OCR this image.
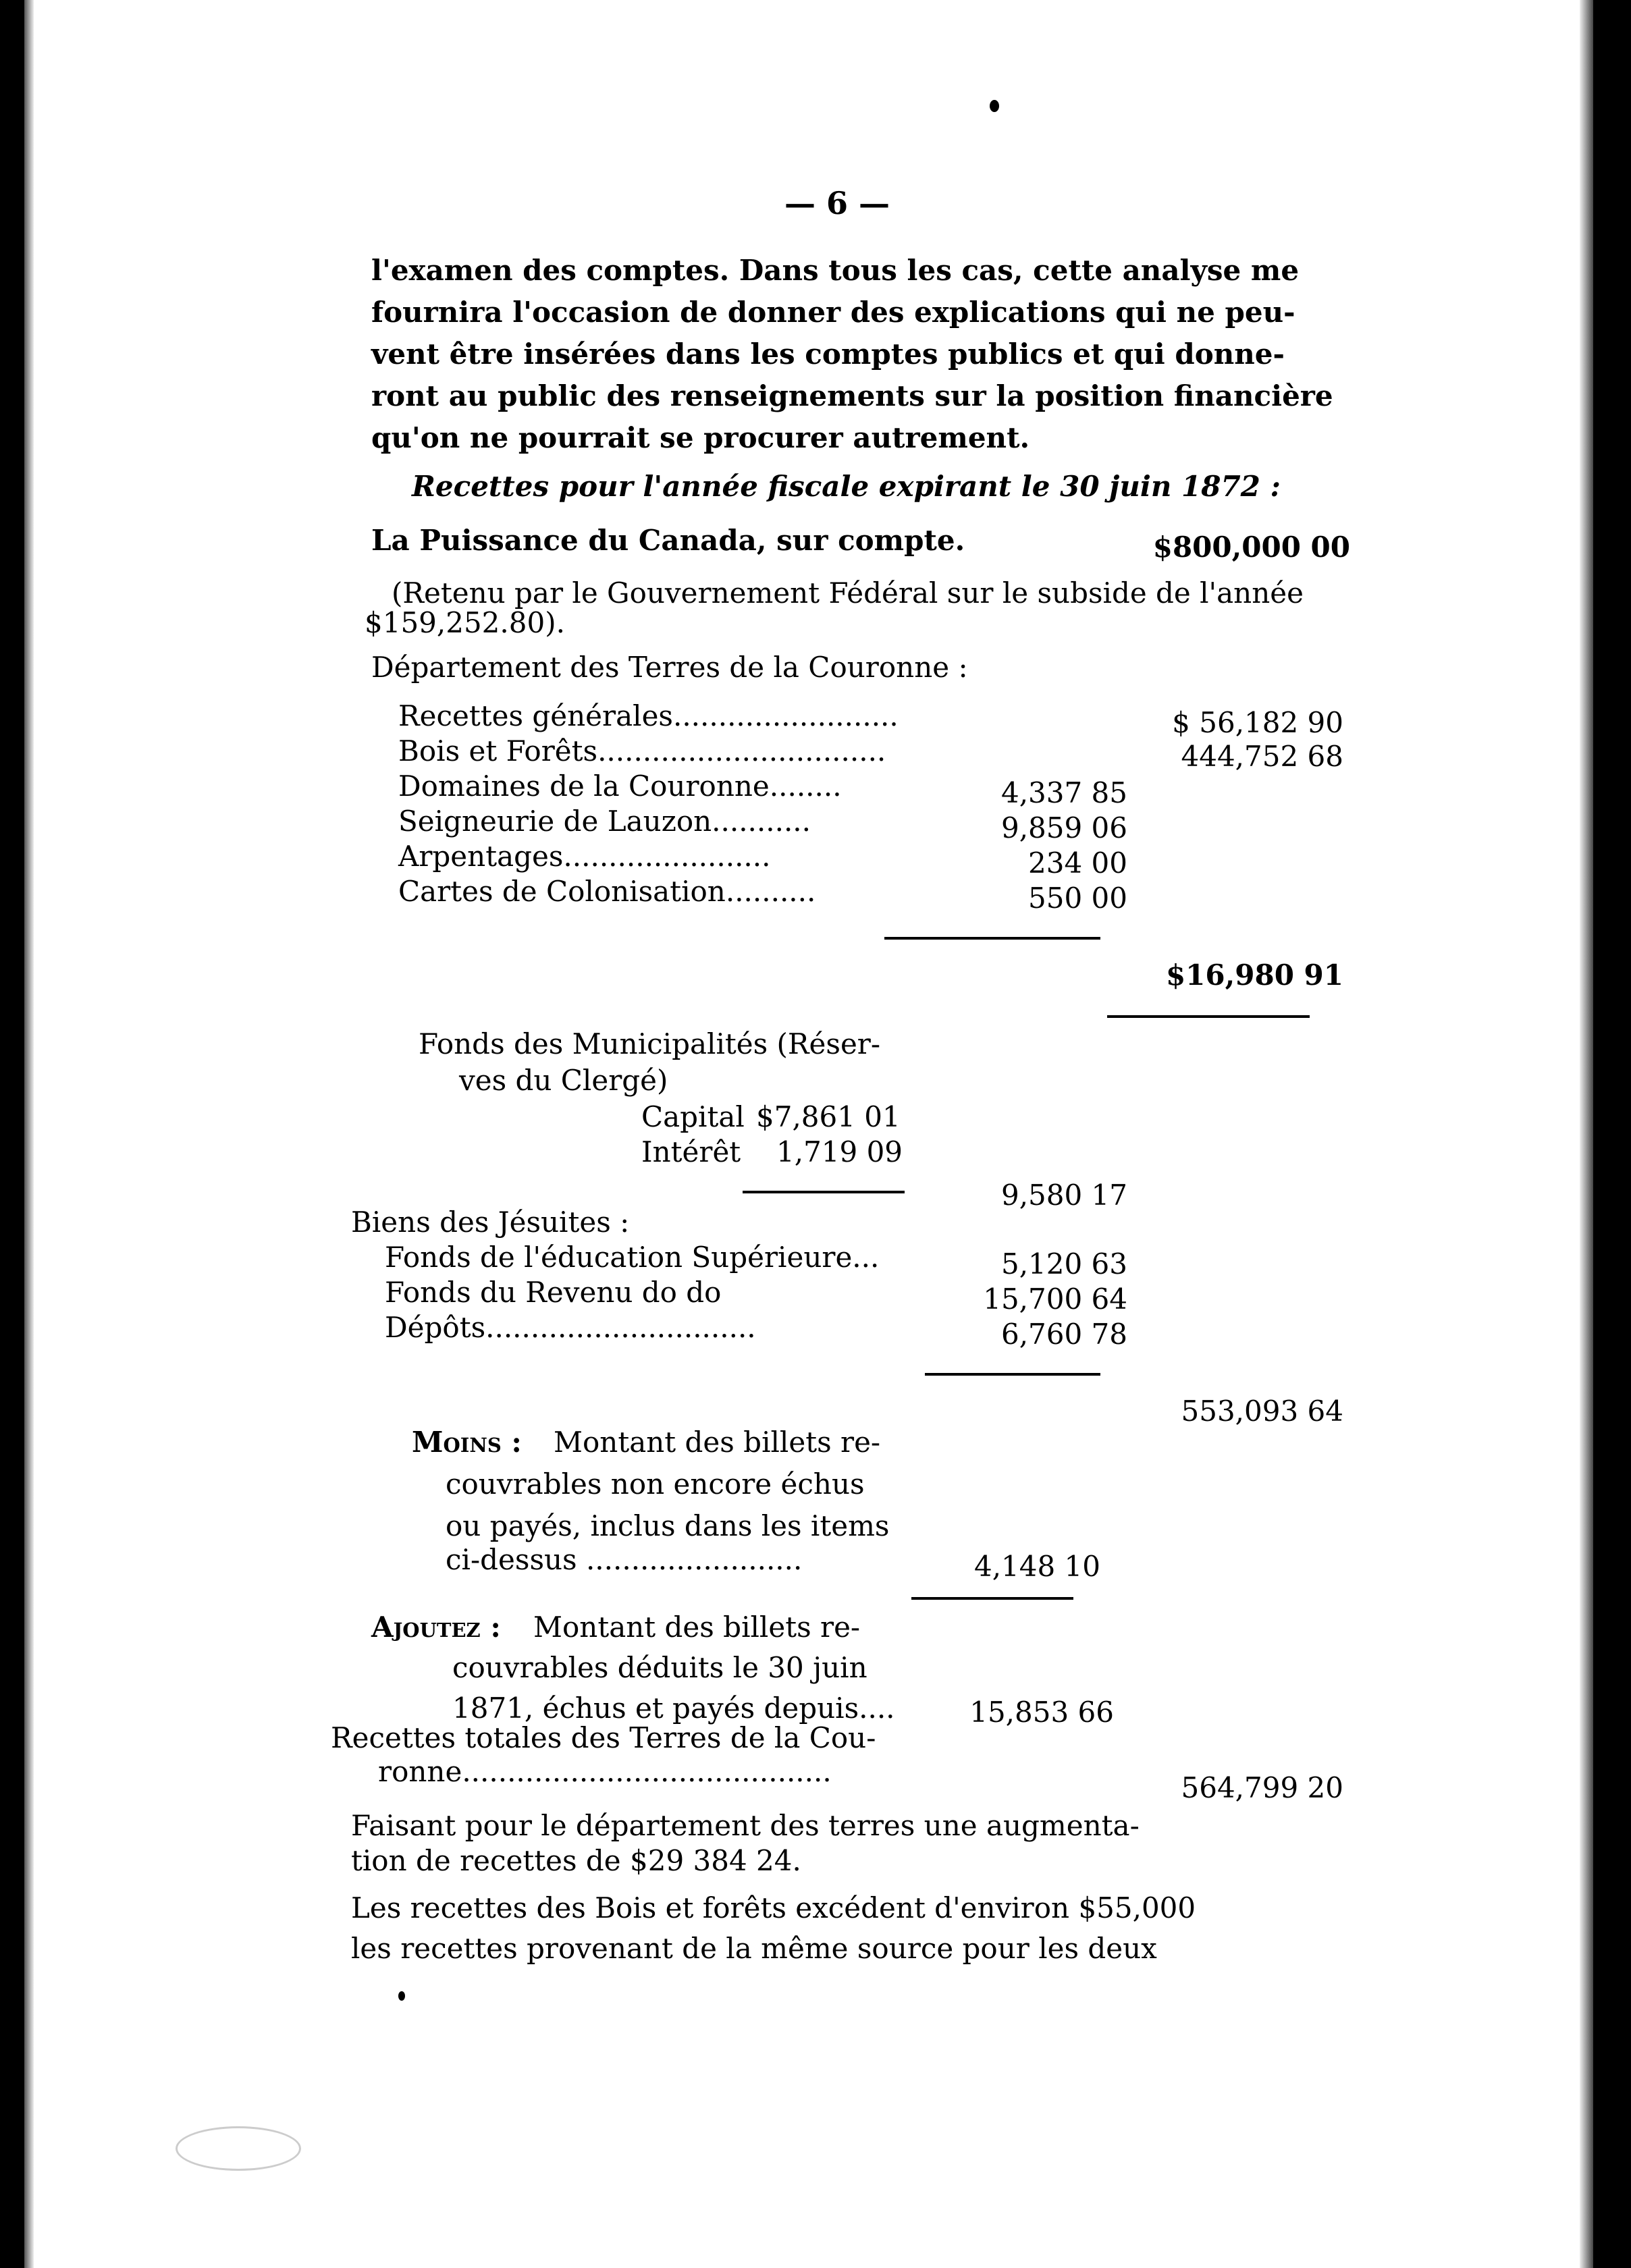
— 6 —
l'examen des comptes. Dans tous les cas, cette analyse me
fournira l'occasion de donner des explications qui ne peu-
vent être insérées dans les comptes publics et qui donne-
ront au public des renseignements sur la position financière
qu'on ne pourrait se procurer autrement.
Recettes pour l'année fiscale expirant le 30 juin 1872 :
La Puissance du Canada, sur compte.	$800,000 00
(Retenu par le Gouvernement Fédéral sur le subside de l'année
$159,252.80).
Département des Terres de la Couronne :
Recettes générales.........................	$ 56,182 90
Bois et Forêts................................	444,752 68
Domaines de la Couronne........	4,337 85
Seigneurie de Lauzon...........	9,859 06
Arpentages.......................	234 00
Cartes de Colonisation..........	550 00
$16,980 91
Fonds des Municipalités (Réser-
ves du Clergé)
Capital $7,861 01
Intérêt 1,719 09
9,580 17
Biens des Jésuites :
Fonds de l'éducation Supérieure...	5,120 63
Fonds du Revenu do do	15,700 64
Dépôts..............................	6,760 78
553,093 64
Moins : Montant des billets re-
couvrables non encore échus
ou payés, inclus dans les items
ci-dessus ........................	4,148 10
Ajoutez : Montant des billets re-
couvrables déduits le 30 juin
1871, échus et payés depuis....	15,853 66
Recettes totales des Terres de la Cou-
ronne.........................................	564,799 20
Faisant pour le département des terres une augmenta-
tion de recettes de $29 384 24.
Les recettes des Bois et forêts excédent d'environ $55,000
les recettes provenant de la même source pour les deux
